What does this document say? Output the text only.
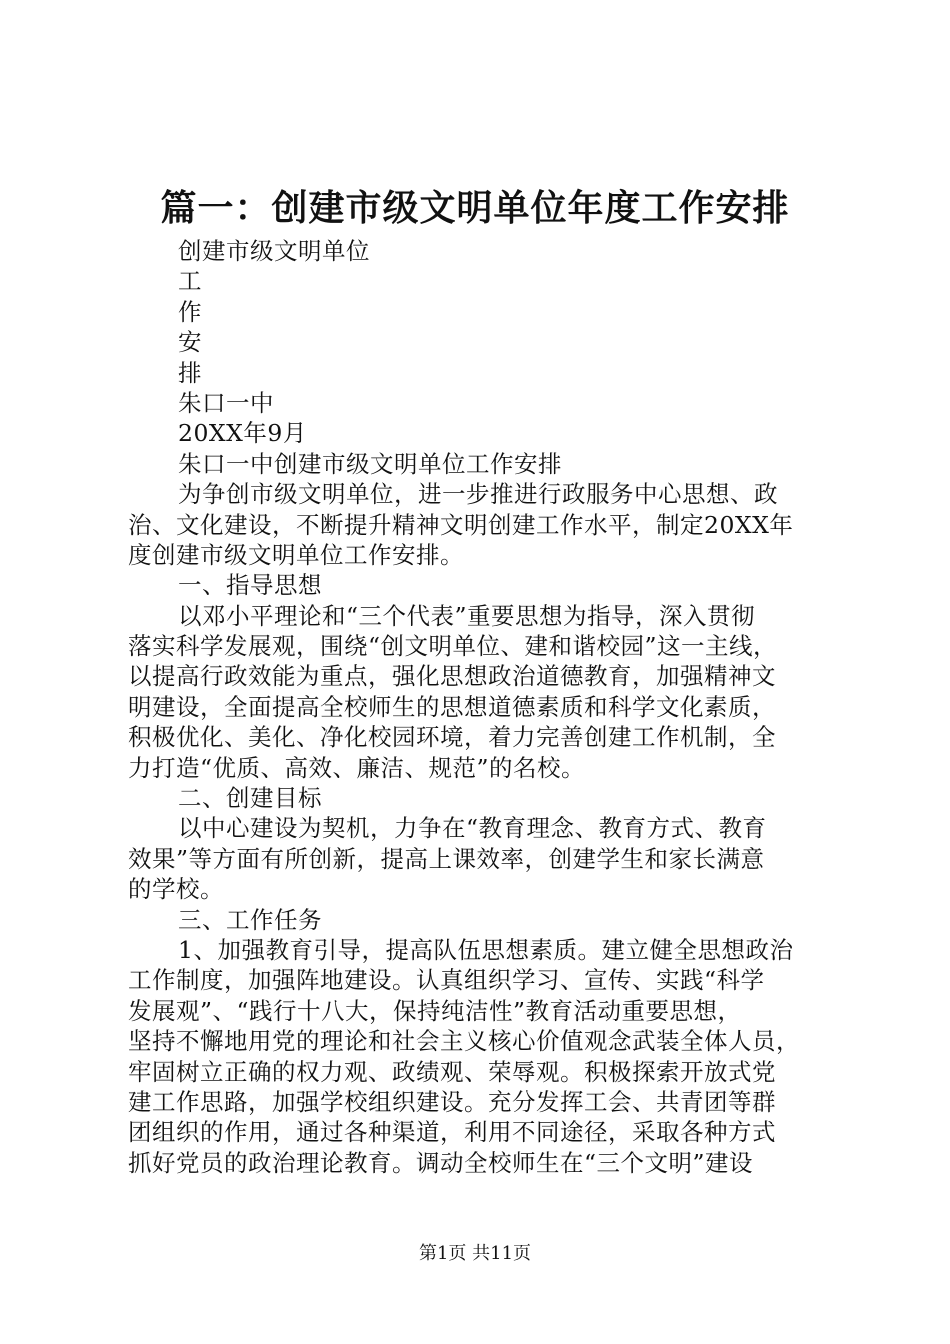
篇一：创建市级文明单位年度工作安排
创建市级文明单位
工
作
安
排
朱口一中
20XX年9月
朱口一中创建市级文明单位工作安排
为争创市级文明单位，进一步推进行政服务中心思想、政
治、文化建设，不断提升精神文明创建工作水平，制定20XX年
度创建市级文明单位工作安排。
一、指导思想
以邓小平理论和“三个代表”重要思想为指导，深入贯彻
落实科学发展观，围绕“创文明单位、建和谐校园”这一主线，
以提高行政效能为重点，强化思想政治道德教育，加强精神文
明建设，全面提高全校师生的思想道德素质和科学文化素质，
积极优化、美化、净化校园环境，着力完善创建工作机制，全
力打造“优质、高效、廉洁、规范”的名校。
二、创建目标
以中心建设为契机，力争在“教育理念、教育方式、教育
效果”等方面有所创新，提高上课效率，创建学生和家长满意
的学校。
三、工作任务
1、加强教育引导，提高队伍思想素质。建立健全思想政治
工作制度，加强阵地建设。认真组织学习、宣传、实践“科学
发展观”、“践行十八大，保持纯洁性”教育活动重要思想，
坚持不懈地用党的理论和社会主义核心价值观念武装全体人员，
牢固树立正确的权力观、政绩观、荣辱观。积极探索开放式党
建工作思路，加强学校组织建设。充分发挥工会、共青团等群
团组织的作用，通过各种渠道，利用不同途径，采取各种方式
抓好党员的政治理论教育。调动全校师生在“三个文明”建设
第1页 共11页
